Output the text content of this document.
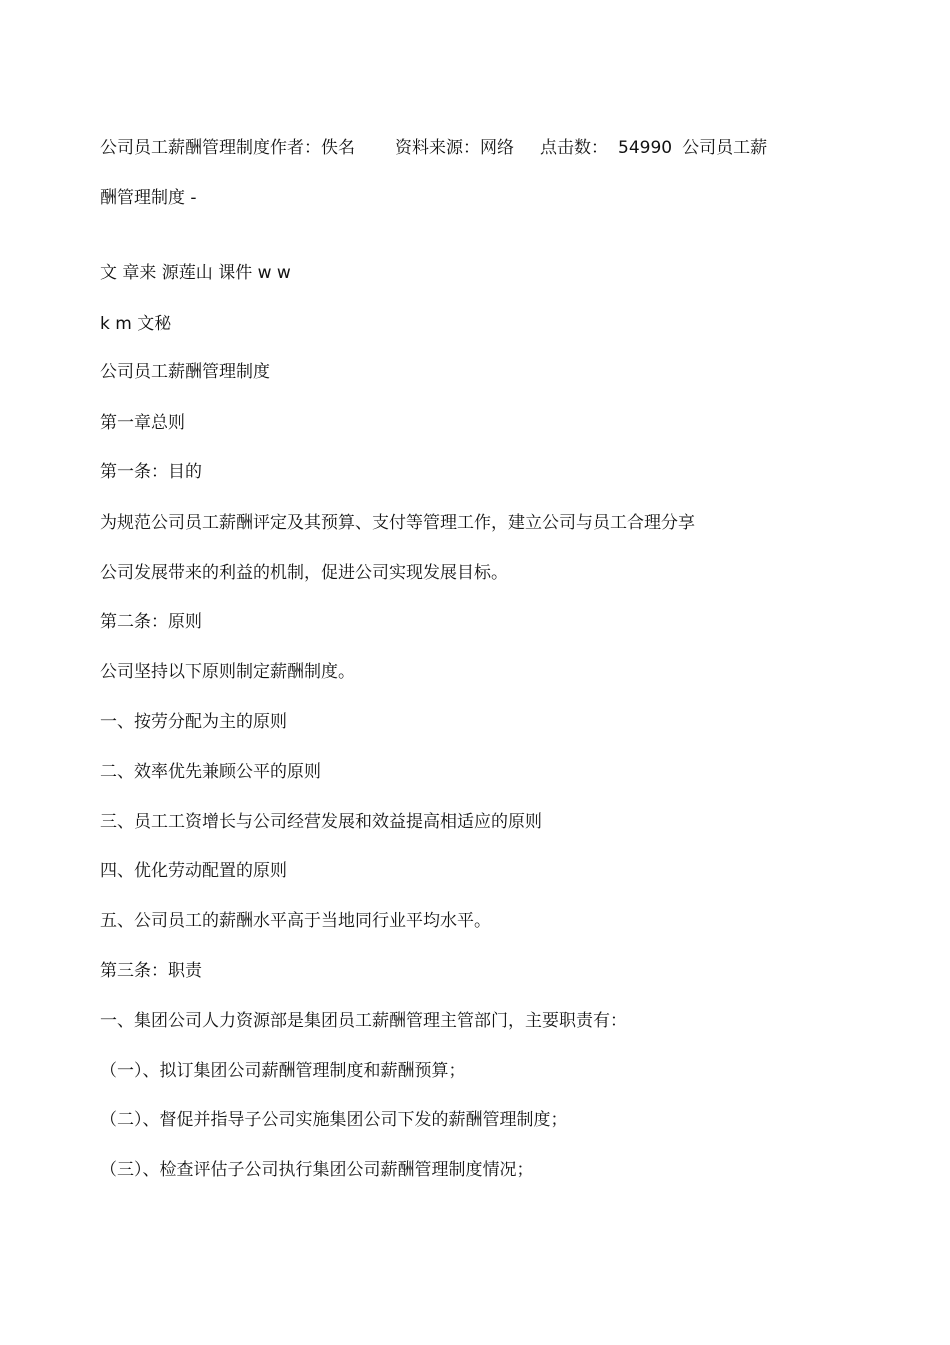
公司员工薪酬管理制度作者：佚名 资料来源：网络 点击数： 54990 公司员工薪
酬管理制度 -
文 章来 源莲山 课件 w w
k m 文秘
公司员工薪酬管理制度
第一章总则
第一条：目的
为规范公司员工薪酬评定及其预算、支付等管理工作，建立公司与员工合理分享
公司发展带来的利益的机制，促进公司实现发展目标。
第二条：原则
公司坚持以下原则制定薪酬制度。
一、按劳分配为主的原则
二、效率优先兼顾公平的原则
三、员工工资增长与公司经营发展和效益提高相适应的原则
四、优化劳动配置的原则
五、公司员工的薪酬水平高于当地同行业平均水平。
第三条：职责
一、集团公司人力资源部是集团员工薪酬管理主管部门，主要职责有：
（一）、拟订集团公司薪酬管理制度和薪酬预算；
（二）、督促并指导子公司实施集团公司下发的薪酬管理制度；
（三）、检查评估子公司执行集团公司薪酬管理制度情况；
